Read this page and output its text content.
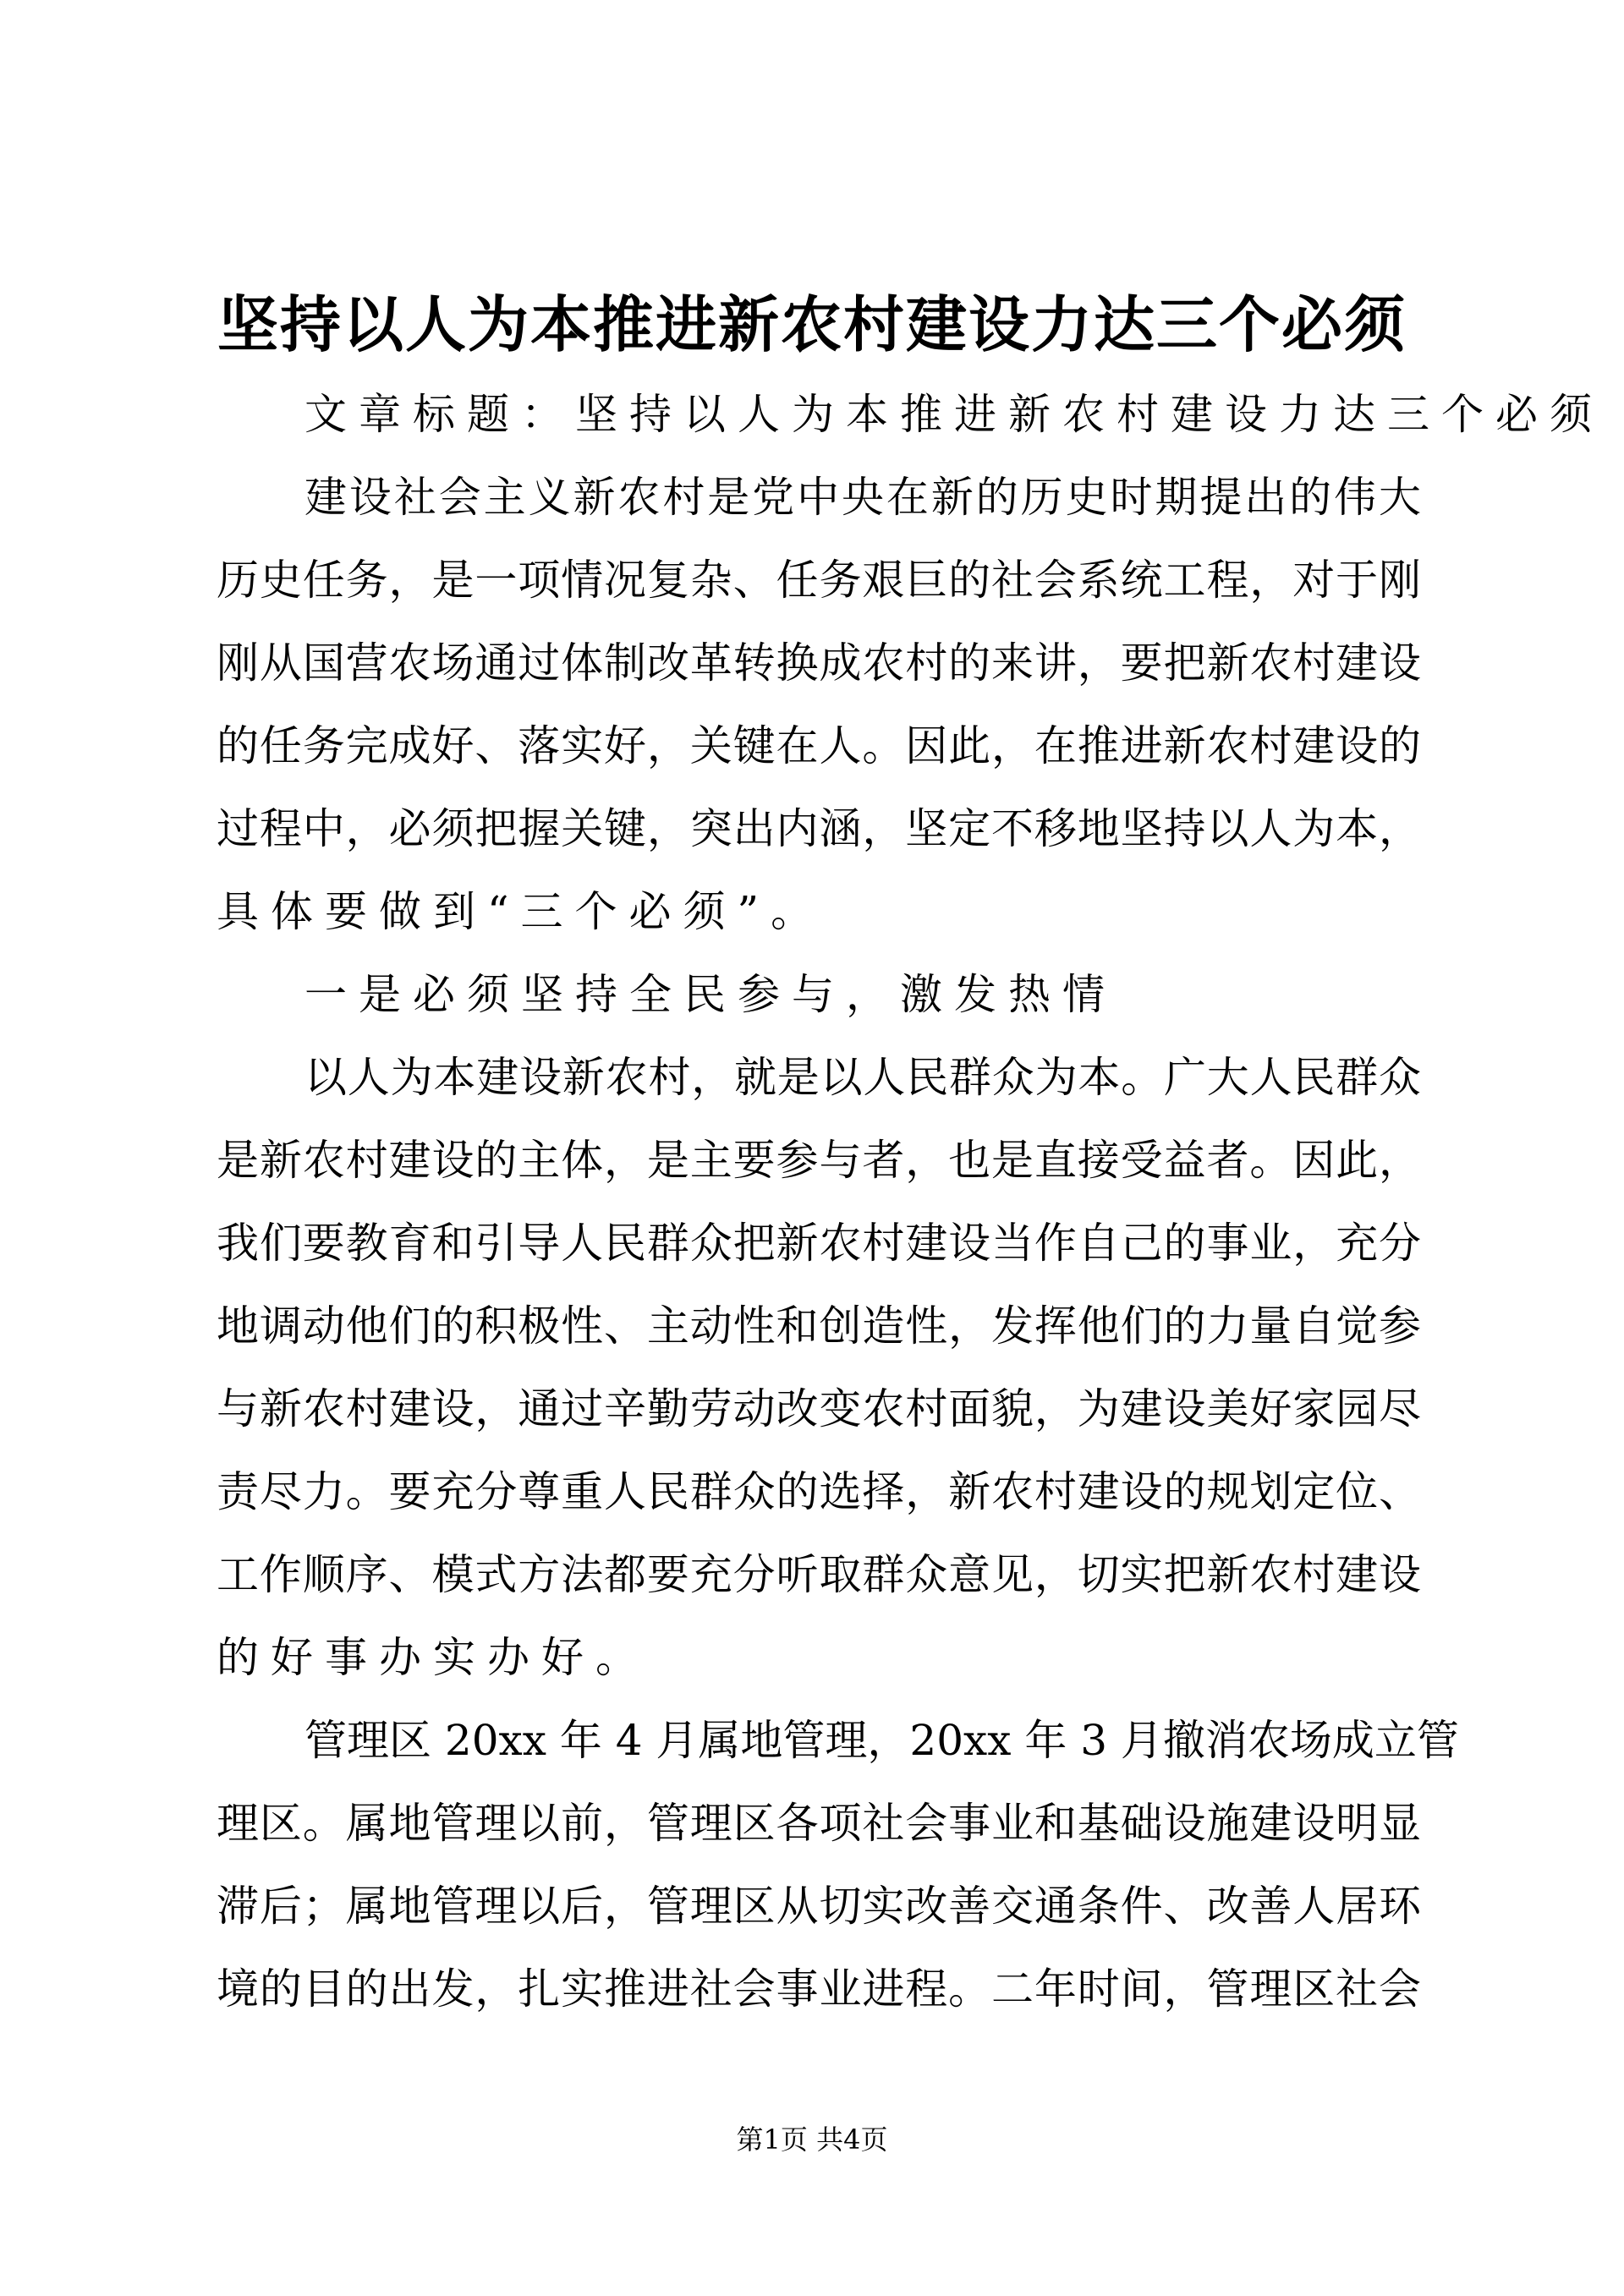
坚持以人为本推进新农村建设力达三个必须
文章标题：坚持以人为本推进新农村建设力达三个必须
建设社会主义新农村是党中央在新的历史时期提出的伟大
历史任务，是一项情况复杂、任务艰巨的社会系统工程，对于刚
刚从国营农场通过体制改革转换成农村的来讲，要把新农村建设
的任务完成好、落实好，关键在人。因此，在推进新农村建设的
过程中，必须把握关键，突出内涵，坚定不移地坚持以人为本，
具体要做到“三个必须”。
一是必须坚持全民参与，激发热情
以人为本建设新农村，就是以人民群众为本。广大人民群众
是新农村建设的主体，是主要参与者，也是直接受益者。因此，
我们要教育和引导人民群众把新农村建设当作自己的事业，充分
地调动他们的积极性、主动性和创造性，发挥他们的力量自觉参
与新农村建设，通过辛勤劳动改变农村面貌，为建设美好家园尽
责尽力。要充分尊重人民群众的选择，新农村建设的规划定位、
工作顺序、模式方法都要充分听取群众意见，切实把新农村建设
的好事办实办好。
管理区 20xx 年 4 月属地管理，20xx 年 3 月撤消农场成立管
理区。属地管理以前，管理区各项社会事业和基础设施建设明显
滞后；属地管理以后，管理区从切实改善交通条件、改善人居环
境的目的出发，扎实推进社会事业进程。二年时间，管理区社会
第1页 共4页
